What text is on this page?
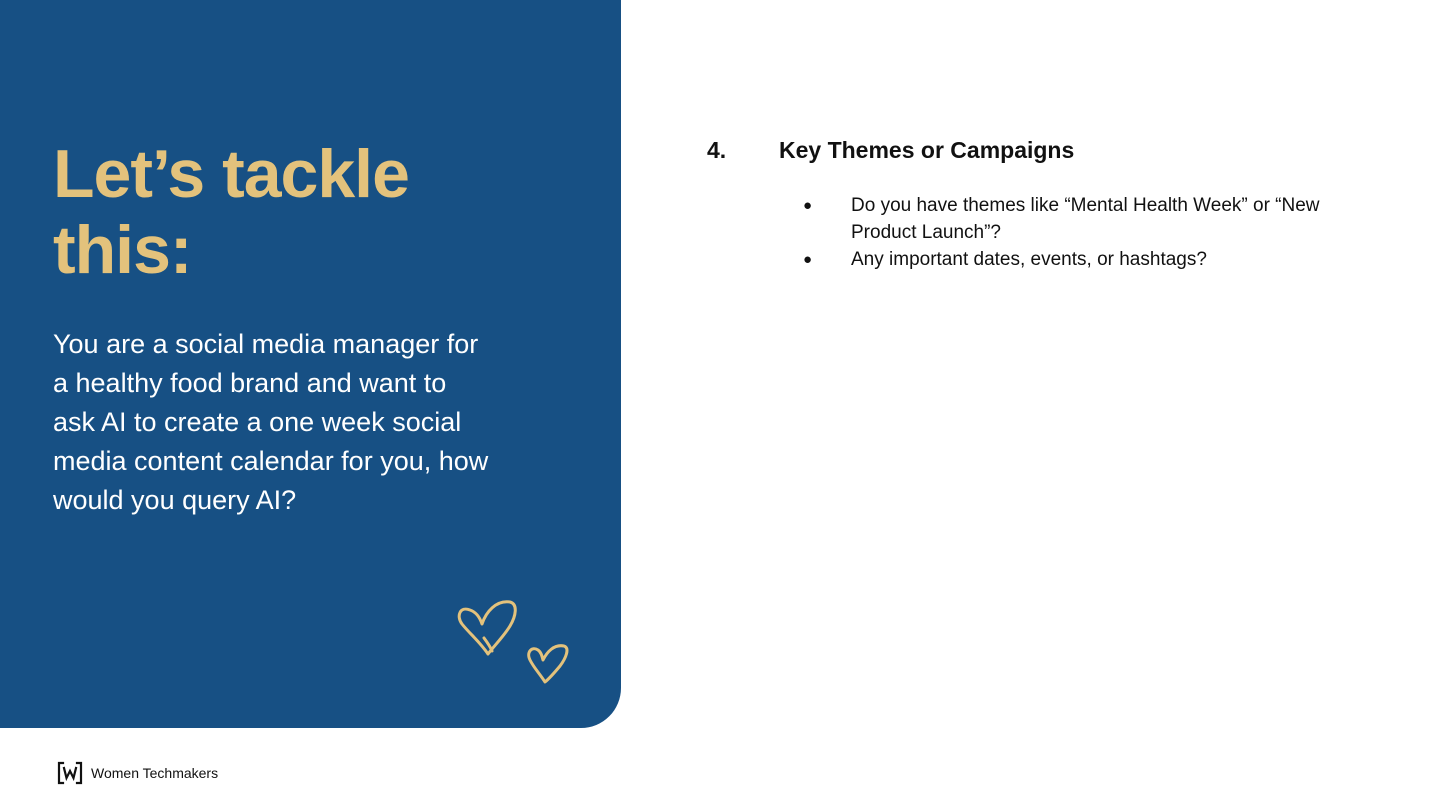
Let’s tackle this:

You are a social media manager for a healthy food brand and want to ask AI to create a one week social media content calendar for you, how would you query AI?

4.	Key Themes or Campaigns
●	Do you have themes like “Mental Health Week” or “New Product Launch”?
●	Any important dates, events, or hashtags?
Women Techmakers
